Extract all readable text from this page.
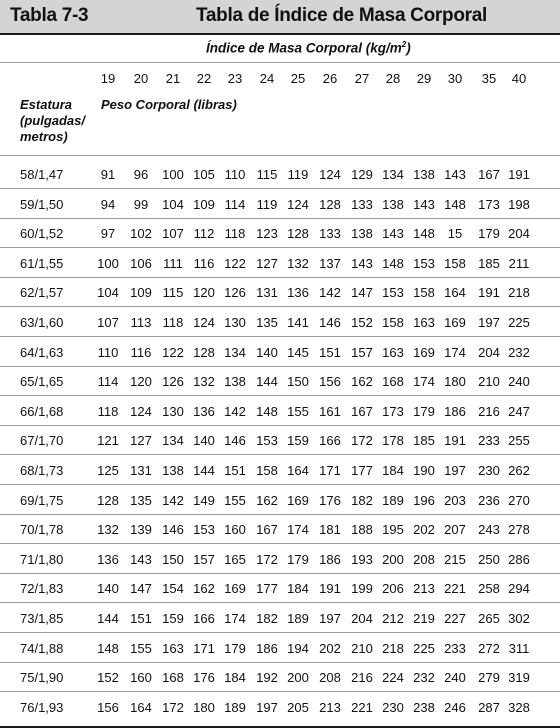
Tabla 7-3	Tabla de Índice de Masa Corporal
Índice de Masa Corporal $(kg/m^2)$
19 20 21 22 23 24 25 26 27 28 29 30 35 40
Estatura
(pulgadas/
metros)
Peso Corporal (libras)
58/1,47	91 96 100 105 110 115 119 124 129 134 138 143 167 191
59/1,50	94 99 104 109 114 119 124 128 133 138 143 148 173 198
60/1,52	97 102 107 112 118 123 128 133 138 143 148 15 179 204
61/1,55	100 106 111 116 122 127 132 137 143 148 153 158 185 211
62/1,57	104 109 115 120 126 131 136 142 147 153 158 164 191 218
63/1,60	107 113 118 124 130 135 141 146 152 158 163 169 197 225
64/1,63	110 116 122 128 134 140 145 151 157 163 169 174 204 232
65/1,65	114 120 126 132 138 144 150 156 162 168 174 180 210 240
66/1,68	118 124 130 136 142 148 155 161 167 173 179 186 216 247
67/1,70	121 127 134 140 146 153 159 166 172 178 185 191 233 255
68/1,73	125 131 138 144 151 158 164 171 177 184 190 197 230 262
69/1,75	128 135 142 149 155 162 169 176 182 189 196 203 236 270
70/1,78	132 139 146 153 160 167 174 181 188 195 202 207 243 278
71/1,80	136 143 150 157 165 172 179 186 193 200 208 215 250 286
72/1,83	140 147 154 162 169 177 184 191 199 206 213 221 258 294
73/1,85	144 151 159 166 174 182 189 197 204 212 219 227 265 302
74/1,88	148 155 163 171 179 186 194 202 210 218 225 233 272 311
75/1,90	152 160 168 176 184 192 200 208 216 224 232 240 279 319
76/1,93	156 164 172 180 189 197 205 213 221 230 238 246 287 328
